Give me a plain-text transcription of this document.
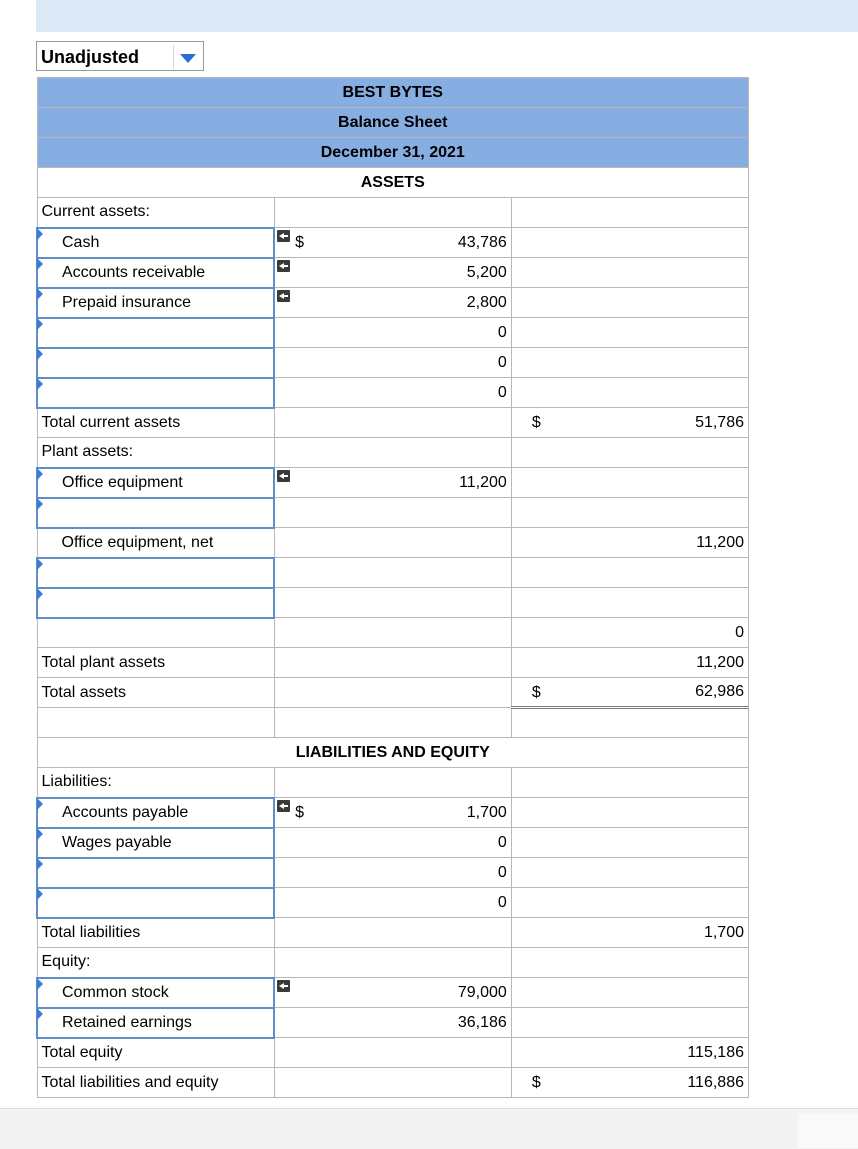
Unadjusted
BEST BYTES		
Balance Sheet		
December 31, 2021		
ASSETS		
Current assets:		
Cash	$ 43,786	
Accounts receivable	5,200	
Prepaid insurance	2,800	
	0	
	0	
	0	
Total current assets		$ 51,786
Plant assets:		
Office equipment	11,200	

Office equipment, net		11,200

		0
Total plant assets		11,200
Total assets		$ 62,986

LIABILITIES AND EQUITY		
Liabilities:		
Accounts payable	$ 1,700	
Wages payable	0	
	0	
	0	
Total liabilities		1,700
Equity:		
Common stock	79,000	
Retained earnings	36,186	
Total equity		115,186
Total liabilities and equity		$ 116,886
